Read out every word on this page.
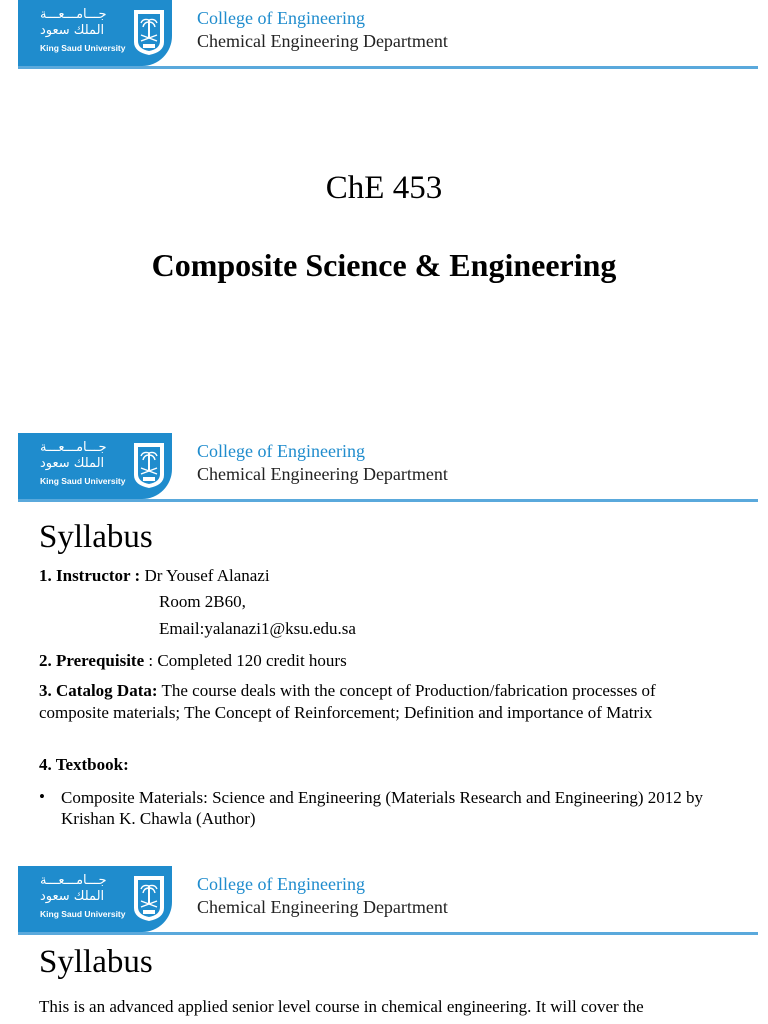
جـــامـــعـــة
الملك سعود
King Saud University
College of Engineering
Chemical Engineering Department
ChE 453
Composite Science & Engineering
جـــامـــعـــة
الملك سعود
King Saud University
College of Engineering
Chemical Engineering Department
Syllabus
1. Instructor : Dr Yousef Alanazi
Room 2B60,
Email:yalanazi1@ksu.edu.sa
2. Prerequisite : Completed 120 credit hours
3. Catalog Data: The course deals with the concept of Production/fabrication processes of
composite materials; The Concept of Reinforcement; Definition and importance of Matrix
4. Textbook:
• Composite Materials: Science and Engineering (Materials Research and Engineering) 2012 by Krishan K. Chawla (Author)
جـــامـــعـــة
الملك سعود
King Saud University
College of Engineering
Chemical Engineering Department
Syllabus
This is an advanced applied senior level course in chemical engineering. It will cover the
